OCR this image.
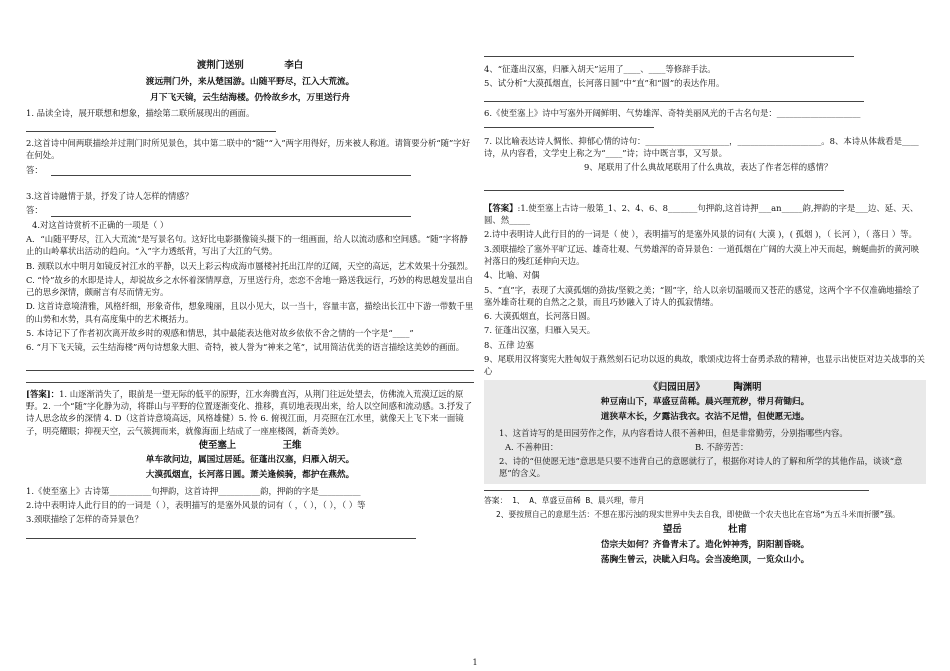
渡荆门送别	李白
渡远荆门外，来从楚国游。山随平野尽，江入大荒流。
月下飞天镜，云生结海楼。仍怜故乡水，万里送行舟

1. 品读全诗，展开联想和想象，描绘第二联所展现出的画面。

2.这首诗中间两联描绘并过荆门时所见景色，其中第二联中的“随”“入”两字用得好，历来被人称道。请简要分析“随”字好在何处。

答：

3.这首诗融情于景，抒发了诗人怎样的情感？

答：

4.对这首诗赏析不正确的一项是（ ）

A．“山随平野尽，江入大荒流”是写景名句。这好比电影摄像镜头摄下的一组画面，给人以流动感和空间感。“随”字将静止的山岭摹状出活动的趋向。“入”字力透纸背，写出了大江的气势。

B. 颈联以水中明月如镜反衬江水的平静，以天上彩云构成海市蜃楼衬托出江岸的辽阔，天空的高远，艺术效果十分强烈。

C. “怜”故乡的水即是诗人，却说故乡之水怀着深情厚意，万里送行舟，恋恋不舍地一路送我远行，巧妙的构思越发显出自己的思乡深情，颇耐言有尽而情无穷。

D. 这首诗意境清雅，风格纤细，形象奇伟，想象瑰丽，且以小见大，以一当十，容量丰富，描绘出长江中下游一带数千里的山势和水势，具有高度集中的艺术概括力。

5. 本诗记下了作者初次离开故乡时的观感和情思，其中最能表达他对故乡依依不舍之情的一个字是“____”

6. “月下飞天镜，云生结海楼”两句诗想象大胆、奇特，被人誉为“神来之笔”，试用简洁优美的语言描绘这美妙的画面。

[答案]：1. 山逐渐消失了，眼前是一望无际的低平的原野，江水奔腾直泻，从荆门往远处望去，仿佛流入荒漠辽远的原野。2. 一个“随”字化静为动，将群山与平野的位置逐渐变化、推移，真切地表现出来，给人以空间感和流动感。3.抒发了诗人思念故乡的深情 4. D（这首诗意境高远，风格雄健）5. 怜 6. 俯视江面，月亮照在江水里，就像天上飞下来一面镜子，明亮耀眼；抑视天空，云气簇拥而来，就像海面上结成了一座座楼阁，新奇美妙。

使至塞上	王维
单车欲问边，属国过居延。征蓬出汉塞，归雁入胡天。
大漠孤烟直，长河落日圆。萧关逢候骑，都护在燕然。

1.《使至塞上》古诗第__________句押韵，这首诗押__________韵，押韵的字是__________

2.诗中表明诗人此行目的的一词是（ ），表明描写的是塞外风景的词有（ ，（ ），（ ），（ ）等

3.颈联描绘了怎样的奇异景色？

4、“征蓬出汉塞，归雁入胡天”运用了____、____等修辞手法。

5、试分析“大漠孤烟直，长河落日圆”中“直”和“圆”的表达作用。

6.《使至塞上》诗中写塞外开阔鲜明、气势雄浑、奇特美丽风光的千古名句是：____________________

7. 以比喻表达诗人惆怅、抑郁心情的诗句：____________________，____________________。8、本诗从体裁看是____诗，从内容看，文学史上称之为“____”诗；诗中既言事，又写景。

9、尾联用了什么典故尾联用了什么典故，表达了作者怎样的感情？

【答案】:1.使至塞上古诗一般第_1、2、4、6、8_______句押韵,这首诗押___an_____韵,押韵的字是___边、延、天、圆、然_____

2.诗中表明诗人此行目的的一词是（ 使 ），表明描写的是塞外风景的词有( 大漠 )，( 孤烟 )，（ 长河 ），（ 落日 ）等。

3.颈联描绘了塞外平旷辽远、雄奇壮观、气势雄浑的奇异景色：一道孤烟在广阔的大漠上冲天而起，蜿蜒曲折的黄河映衬落日的残红延伸向天边。

4、比喻、对偶

5、“直”字，表现了大漠孤烟的劲拔/坚毅之美；“圆”字，给人以亲切温暖而又苍茫的感觉，这两个字不仅准确地描绘了塞外雄奇壮观的自然之之景，而且巧妙融入了诗人的孤寂情绪。

6. 大漠孤烟直，长河落日圆。

7. 征蓬出汉塞，归雁入吴天。

8、五律 边塞

9、尾联用汉将窦宪大胜匈奴于燕然刻石记功以返的典故，歌颂戍边将士奋勇杀敌的精神，也显示出使臣对边关战事的关心

《归园田居》	陶渊明
种豆南山下，草盛豆苗稀。晨兴理荒秽，带月荷锄归。
道狭草木长，夕露沾我衣。衣沾不足惜，但使愿无违。

1、这首诗写的是田园劳作之作，从内容看诗人很不善种田，但是非常勤劳，分别指哪些内容。

A. 不善种田：	B. 不辞劳苦：

2、诗的“但使愿无违”意思是只要不违背自己的意愿就行了，根据你对诗人的了解和所学的其他作品，谈谈“意愿”的含义。

答案： 1、 A、草盛豆苗稀 B、晨兴理，带月

2、要按照自己的意愿生活：不想在那污浊的现实世界中失去自我，即使做一个农夫也比在官场“为五斗米而折腰”强。

望岳	杜甫
岱宗夫如何？齐鲁青未了。造化钟神秀，阴阳割昏晓。
荡胸生曾云，决眦入归鸟。会当凌绝顶，一览众山小。
1
